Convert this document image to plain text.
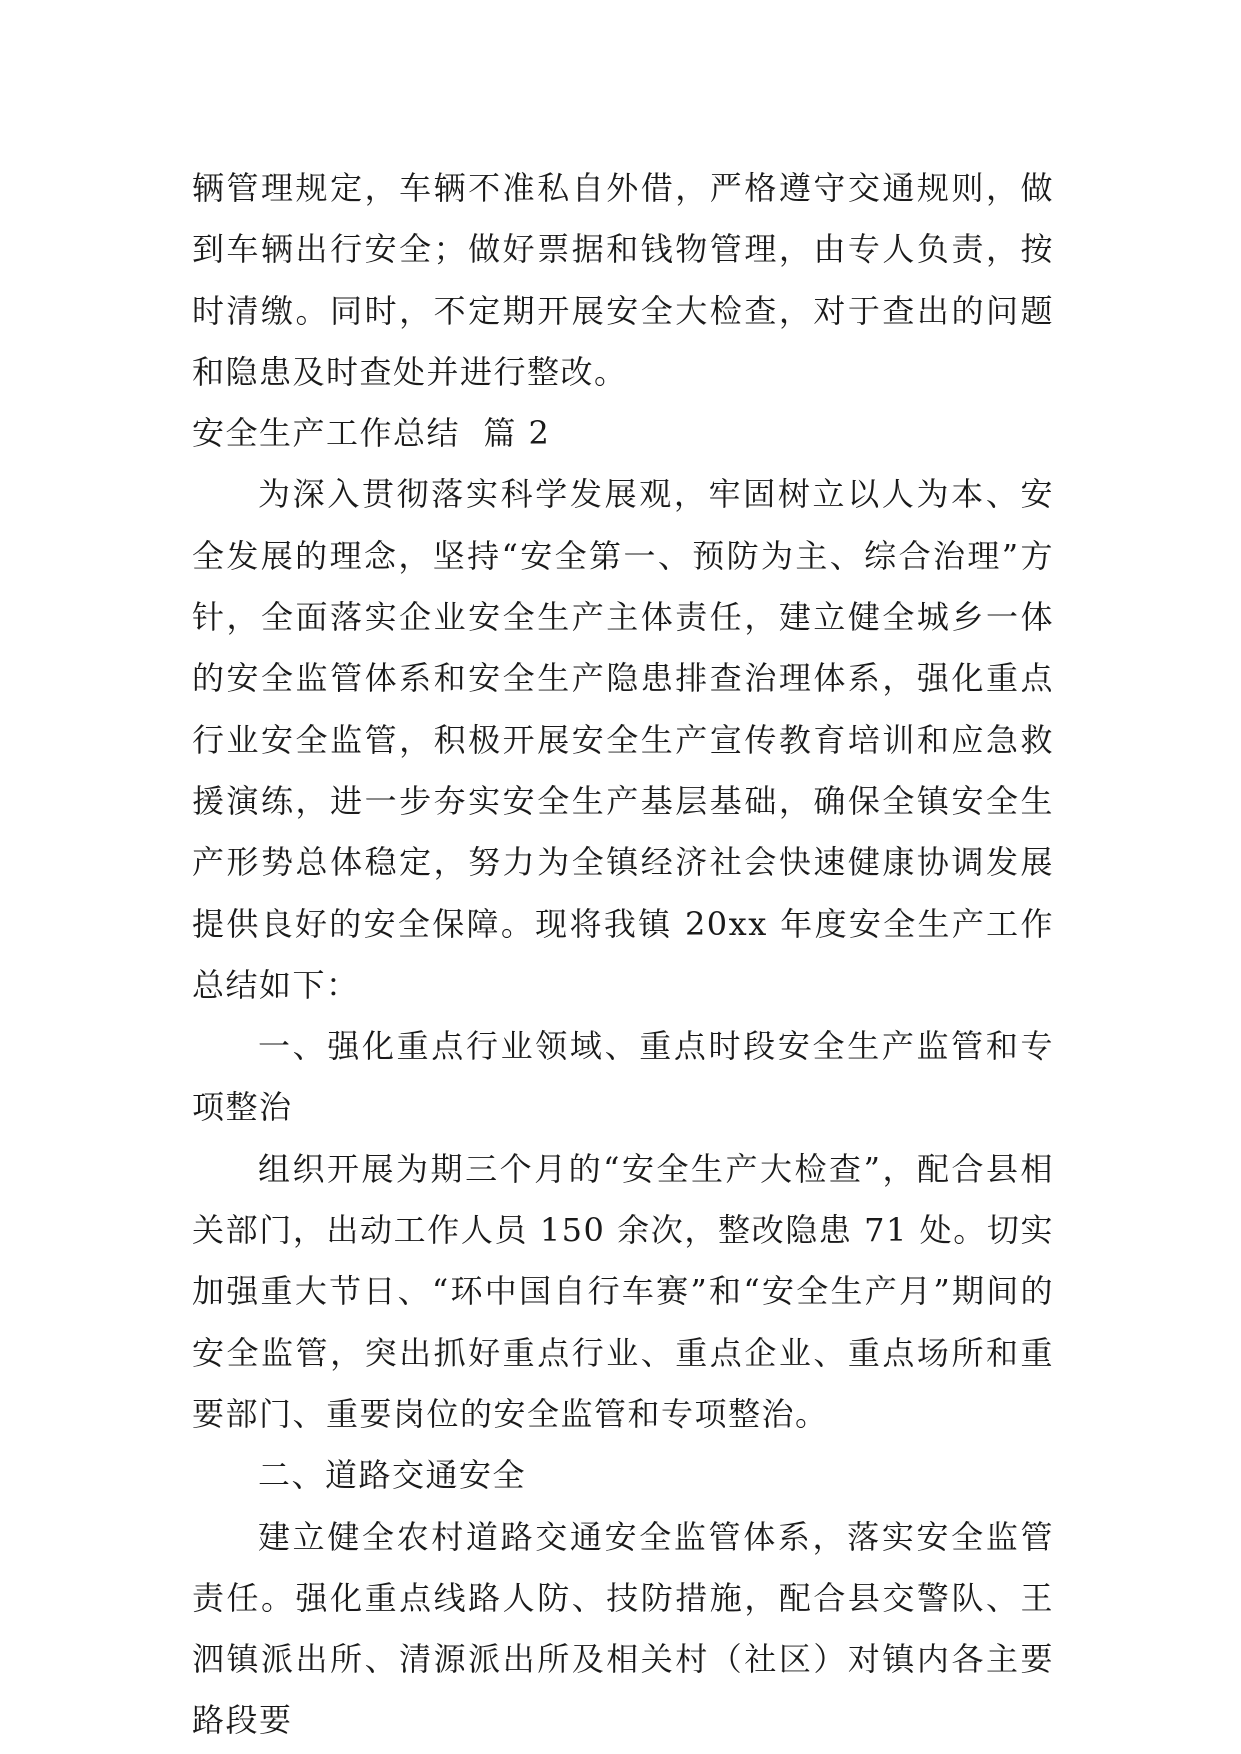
辆管理规定，车辆不准私自外借，严格遵守交通规则，做到车辆出行安全；做好票据和钱物管理，由专人负责，按时清缴。同时，不定期开展安全大检查，对于查出的问题和隐患及时查处并进行整改。

安全生产工作总结  篇 2

为深入贯彻落实科学发展观，牢固树立以人为本、安全发展的理念，坚持“安全第一、预防为主、综合治理”方针，全面落实企业安全生产主体责任，建立健全城乡一体的安全监管体系和安全生产隐患排查治理体系，强化重点行业安全监管，积极开展安全生产宣传教育培训和应急救援演练，进一步夯实安全生产基层基础，确保全镇安全生产形势总体稳定，努力为全镇经济社会快速健康协调发展提供良好的安全保障。现将我镇 20xx 年度安全生产工作总结如下：

一、强化重点行业领域、重点时段安全生产监管和专项整治

组织开展为期三个月的“安全生产大检查”，配合县相关部门，出动工作人员 150 余次，整改隐患 71 处。切实加强重大节日、“环中国自行车赛”和“安全生产月”期间的安全监管，突出抓好重点行业、重点企业、重点场所和重要部门、重要岗位的安全监管和专项整治。

二、道路交通安全

建立健全农村道路交通安全监管体系，落实安全监管责任。强化重点线路人防、技防措施，配合县交警队、王泗镇派出所、清源派出所及相关村（社区）对镇内各主要路段要
